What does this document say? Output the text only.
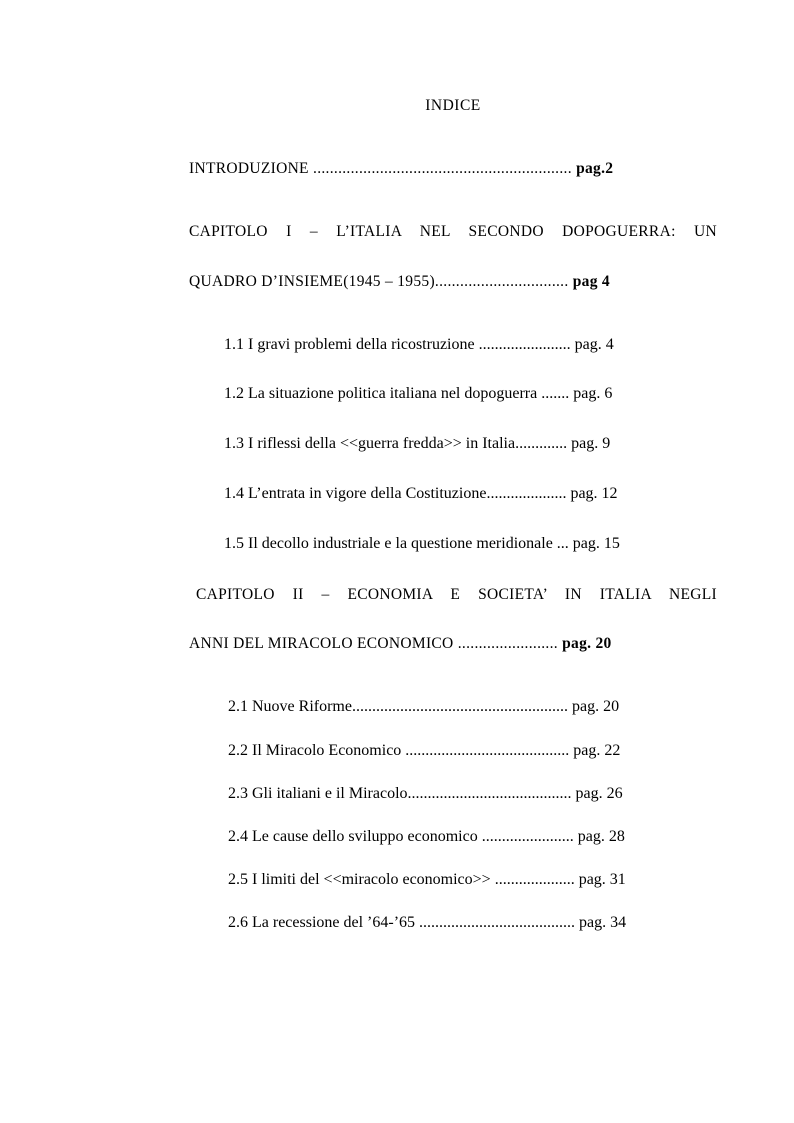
INDICE
INTRODUZIONE .............................................................. pag.2
CAPITOLO I – L’ITALIA NEL SECONDO DOPOGUERRA: UN
QUADRO D’INSIEME(1945 – 1955)................................ pag 4
1.1 I gravi problemi della ricostruzione ....................... pag. 4
1.2 La situazione politica italiana nel dopoguerra ....... pag. 6
1.3 I riflessi della <<guerra fredda>> in Italia............. pag. 9
1.4 L’entrata in vigore della Costituzione.................... pag. 12
1.5 Il decollo industriale e la questione meridionale ... pag. 15
CAPITOLO II – ECONOMIA E SOCIETA’ IN ITALIA NEGLI
ANNI DEL MIRACOLO ECONOMICO ........................ pag. 20
2.1 Nuove Riforme...................................................... pag. 20
2.2 Il Miracolo Economico ......................................... pag. 22
2.3 Gli italiani e il Miracolo......................................... pag. 26
2.4 Le cause dello sviluppo economico ....................... pag. 28
2.5 I limiti del <<miracolo economico>> .................... pag. 31
2.6 La recessione del ’64-’65 ....................................... pag. 34
